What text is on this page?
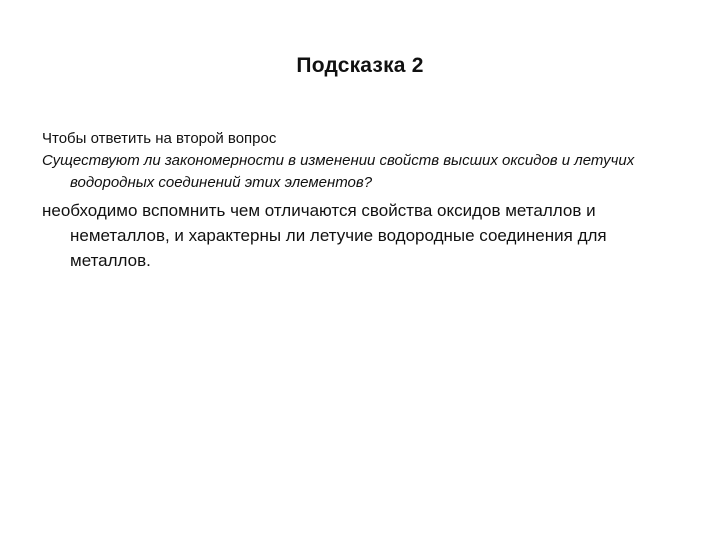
Подсказка 2

Чтобы ответить на второй вопрос

Существуют ли закономерности в изменении свойств высших оксидов и летучих водородных соединений этих элементов?

необходимо вспомнить чем отличаются свойства оксидов металлов и неметаллов, и характерны ли летучие водородные соединения для металлов.
